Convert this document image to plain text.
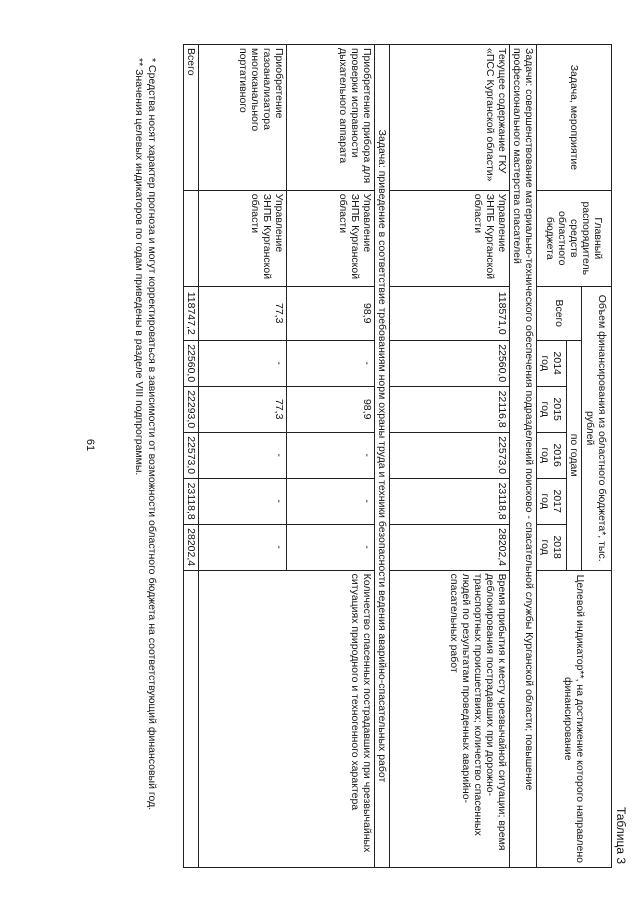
61
Таблица 3
Задача, мероприятие	Главный распорядитель средств областного бюджета	Объем финансирования из областного бюджета*, тыс. рублей						Целевой индикатор**, на достижение которого направлено финансирование
		Всего	по годам					
			2014 год	2015 год	2016 год	2017 год	2018 год	
Задачи: совершенствование материально-технического обеспечения подразделений поисково - спасательной службы Курганской области; повышение профессионального мастерства спасателей								
Текущее содержание ГКУ «ПСС Курганской области»	Управление ЗНПБ Курганской области	118571,0	22560,0	22116,8	22573,0	23118,8	28202,4	Время прибытия к месту чрезвычайной ситуации; время деблокирования пострадавших при дорожно-транспортных происшествиях; количество спасенных людей по результатам проведенных аварийно-спасательных работ
Задача: приведение в соответствие требованиям норм охраны труда и техники безопасности ведения аварийно-спасательных работ								
Приобретение прибора для проверки исправности дыхательного аппарата	Управление ЗНПБ Курганской области	98,9	-	98,9	-	-	-	Количество спасенных пострадавших при чрезвычайных ситуациях природного и техногенного характера
Приобретение газоанализатора многоканального портативного	Управление ЗНПБ Курганской области	77,3	-	77,3	-	-	-	
Всего		118747,2	22560,0	22293,0	22573,0	23118,8	28202,4	

* Средства носят характер прогноза и могут корректироваться в зависимости от возможности областного бюджета на соответствующий финансовый год.

** Значения целевых индикаторов по годам приведены в разделе VIII подпрограммы.
